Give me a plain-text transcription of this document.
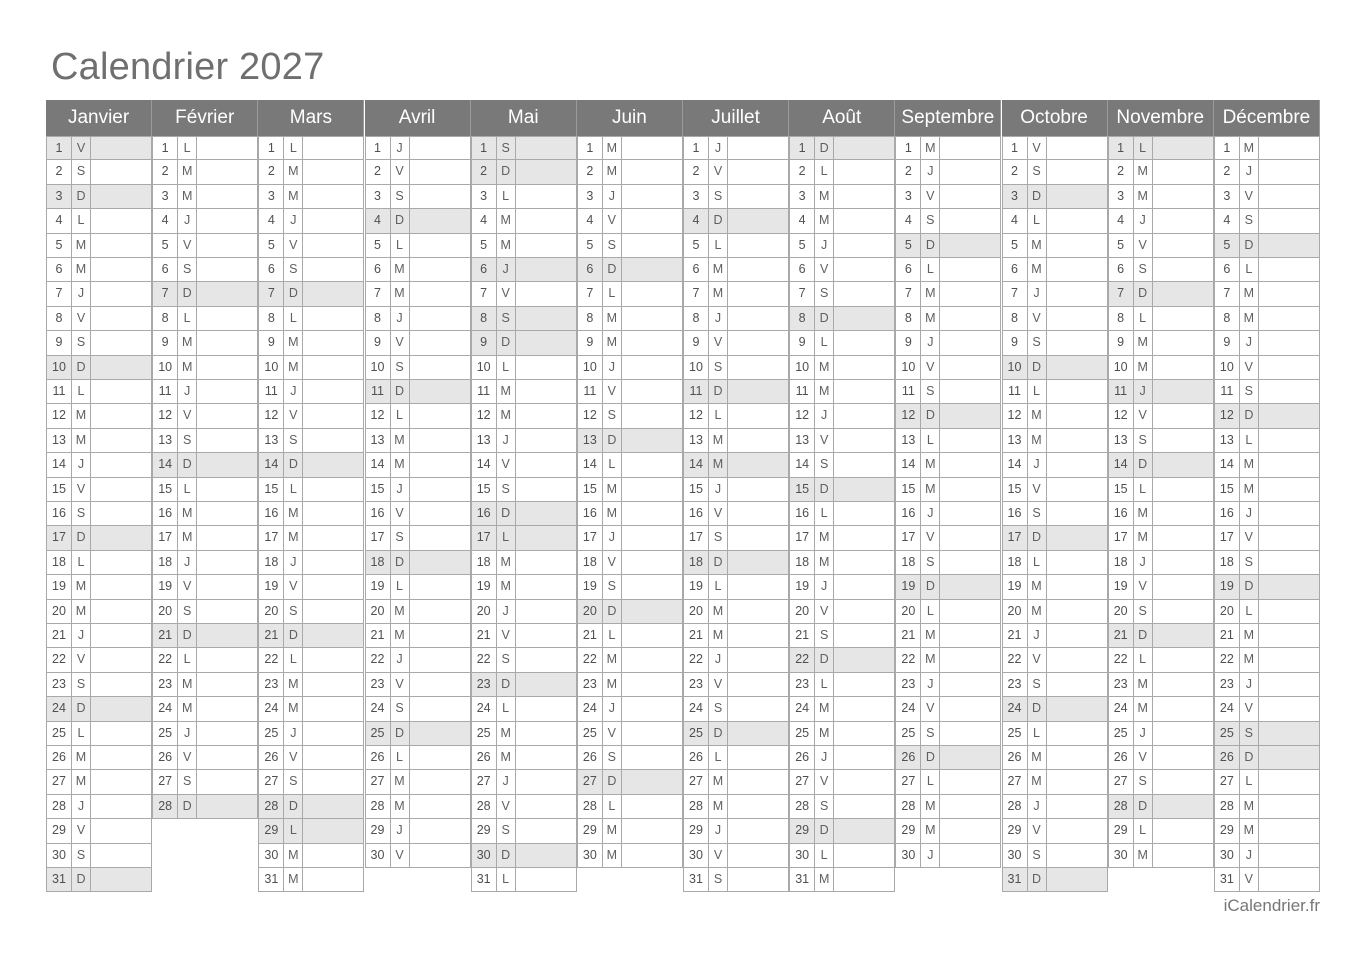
Calendrier 2027
Janvier
1	V
2	S
3	D
4	L
5	M
6	M
7	J
8	V
9	S
10 D
11 L
12 M
13 M
14 J
15 V
16 S
17 D
18 L
19 M
20 M
21 J
22 V
23 S
24 D
25 L
26 M
27 M
28 J
29 V
30 S
31 D
Février
1	L
2	M
3	M
4	J
5	V
6	S
7	D
8	L
9	M
10 M
11 J
12 V
13 S
14 D
15 L
16 M
17 M
18 J
19 V
20 S
21 D
22 L
23 M
24 M
25 J
26 V
27 S
28 D
Mars
1	L
2	M
3	M
4	J
5	V
6	S
7	D
8	L
9	M
10 M
11 J
12 V
13 S
14 D
15 L
16 M
17 M
18 J
19 V
20 S
21 D
22 L
23 M
24 M
25 J
26 V
27 S
28 D
29 L
30 M
31 M
Avril
1	J
2	V
3	S
4	D
5	L
6	M
7	M
8	J
9	V
10 S
11 D
12 L
13 M
14 M
15 J
16 V
17 S
18 D
19 L
20 M
21 M
22 J
23 V
24 S
25 D
26 L
27 M
28 M
29 J
30 V
Mai
1	S
2	D
3	L
4	M
5	M
6	J
7	V
8	S
9	D
10 L
11 M
12 M
13 J
14 V
15 S
16 D
17 L
18 M
19 M
20 J
21 V
22 S
23 D
24 L
25 M
26 M
27 J
28 V
29 S
30 D
31 L
Juin
1	M
2	M
3	J
4	V
5	S
6	D
7	L
8	M
9	M
10 J
11 V
12 S
13 D
14 L
15 M
16 M
17 J
18 V
19 S
20 D
21 L
22 M
23 M
24 J
25 V
26 S
27 D
28 L
29 M
30 M
Juillet
1	J
2	V
3	S
4	D
5	L
6	M
7	M
8	J
9	V
10 S
11 D
12 L
13 M
14 M
15 J
16 V
17 S
18 D
19 L
20 M
21 M
22 J
23 V
24 S
25 D
26 L
27 M
28 M
29 J
30 V
31 S
Août
1	D
2	L
3	M
4	M
5	J
6	V
7	S
8	D
9	L
10 M
11 M
12 J
13 V
14 S
15 D
16 L
17 M
18 M
19 J
20 V
21 S
22 D
23 L
24 M
25 M
26 J
27 V
28 S
29 D
30 L
31 M
Septembre
1	M
2	J
3	V
4	S
5	D
6	L
7	M
8	M
9	J
10 V
11 S
12 D
13 L
14 M
15 M
16 J
17 V
18 S
19 D
20 L
21 M
22 M
23 J
24 V
25 S
26 D
27 L
28 M
29 M
30 J
Octobre
1	V
2	S
3	D
4	L
5	M
6	M
7	J
8	V
9	S
10 D
11 L
12 M
13 M
14 J
15 V
16 S
17 D
18 L
19 M
20 M
21 J
22 V
23 S
24 D
25 L
26 M
27 M
28 J
29 V
30 S
31 D
Novembre
1	L
2	M
3	M
4	J
5	V
6	S
7	D
8	L
9	M
10 M
11 J
12 V
13 S
14 D
15 L
16 M
17 M
18 J
19 V
20 S
21 D
22 L
23 M
24 M
25 J
26 V
27 S
28 D
29 L
30 M
Décembre
1	M
2	J
3	V
4	S
5	D
6	L
7	M
8	M
9	J
10 V
11 S
12 D
13 L
14 M
15 M
16 J
17 V
18 S
19 D
20 L
21 M
22 M
23 J
24 V
25 S
26 D
27 L
28 M
29 M
30 J
31 V
iCalendrier.fr
